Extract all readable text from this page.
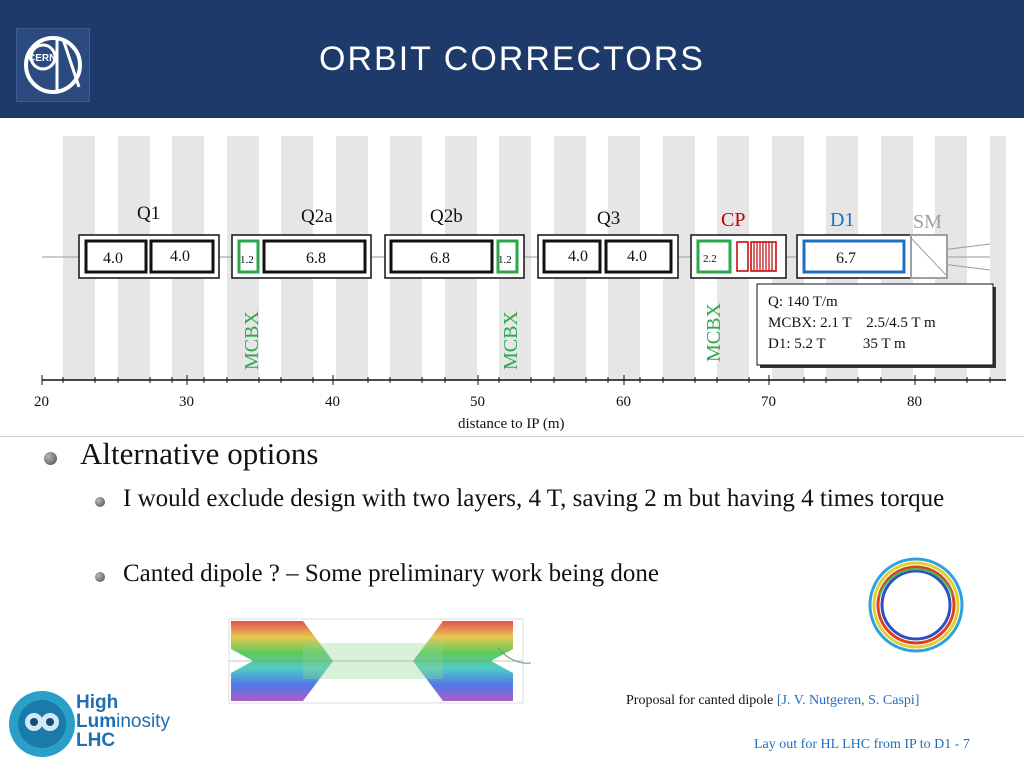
CERN	ORBIT CORRECTORS
Q1	Q2a	Q2b	Q3	CP	D1	SM
4.0	4.0	1.2	6.8	6.8	1.2	4.0 4.0	2.2	6.7
MCBX	MCBX	MCBX
Q: 140 T/m
MCBX: 2.1 T    2.5/4.5 T m
D1: 5.2 T          35 T m
20	30	40	50	60	70	80
distance to IP (m)
Alternative options
I would exclude design with two layers, 4 T, saving 2 m but having 4 times torque
Canted dipole ? – Some preliminary work being done
Proposal for canted dipole [J. V. Nutgeren, S. Caspi]
High
Luminosity
LHC	Lay out for HL LHC from IP to D1 - 7
